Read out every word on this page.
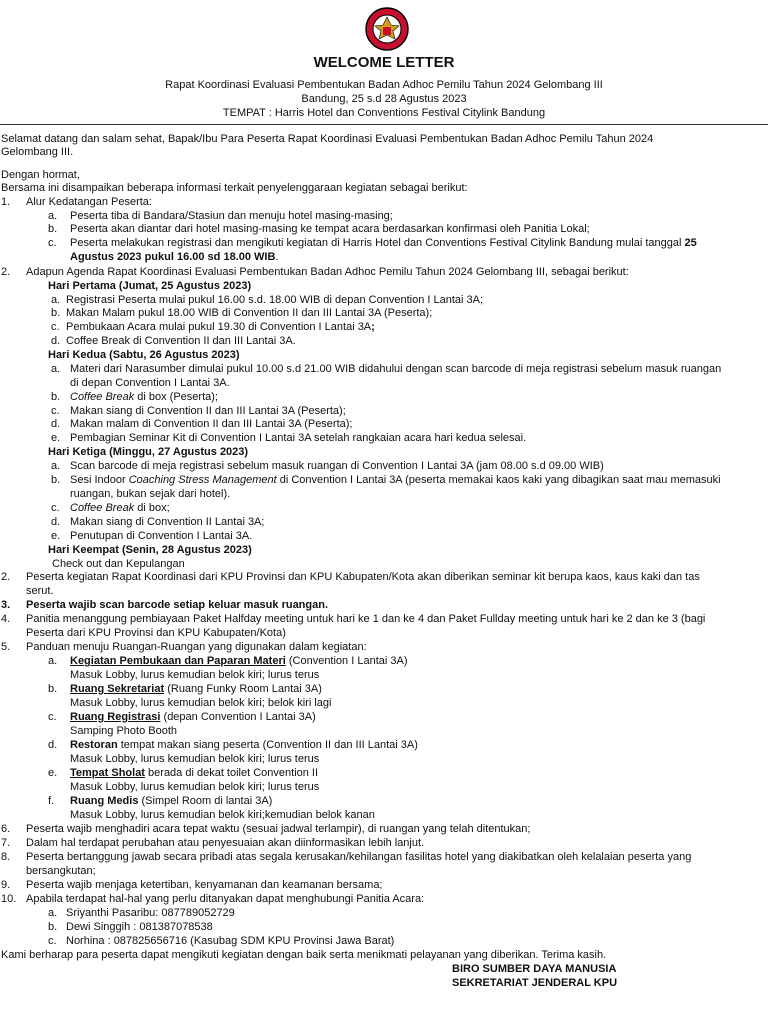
WELCOME LETTER
Rapat Koordinasi Evaluasi Pembentukan Badan Adhoc Pemilu Tahun 2024 Gelombang III
Bandung, 25 s.d 28 Agustus 2023
TEMPAT : Harris Hotel dan Conventions Festival Citylink Bandung
Selamat datang dan salam sehat, Bapak/Ibu Para Peserta Rapat Koordinasi Evaluasi Pembentukan Badan Adhoc Pemilu Tahun 2024
Gelombang III.
Dengan hormat,
Bersama ini disampaikan beberapa informasi terkait penyelenggaraan kegiatan sebagai berikut:
1. Alur Kedatangan Peserta:
a. Peserta tiba di Bandara/Stasiun dan menuju hotel masing-masing;
b. Peserta akan diantar dari hotel masing-masing ke tempat acara berdasarkan konfirmasi oleh Panitia Lokal;
c. Peserta melakukan registrasi dan mengikuti kegiatan di Harris Hotel dan Conventions Festival Citylink Bandung mulai tanggal 25
Agustus 2023 pukul 16.00 sd 18.00 WIB.
2. Adapun Agenda Rapat Koordinasi Evaluasi Pembentukan Badan Adhoc Pemilu Tahun 2024 Gelombang III, sebagai berikut:
Hari Pertama (Jumat, 25 Agustus 2023)
a. Registrasi Peserta mulai pukul 16.00 s.d. 18.00 WIB di depan Convention I Lantai 3A;
b. Makan Malam pukul 18.00 WIB di Convention II dan III Lantai 3A (Peserta);
c. Pembukaan Acara mulai pukul 19.30 di Convention I Lantai 3A;
d. Coffee Break di Convention II dan III Lantai 3A.
Hari Kedua (Sabtu, 26 Agustus 2023)
a. Materi dari Narasumber dimulai pukul 10.00 s.d 21.00 WIB didahului dengan scan barcode di meja registrasi sebelum masuk ruangan
di depan Convention I Lantai 3A.
b. Coffee Break di box (Peserta);
c. Makan siang di Convention II dan III Lantai 3A (Peserta);
d. Makan malam di Convention II dan III Lantai 3A (Peserta);
e. Pembagian Seminar Kit di Convention I Lantai 3A setelah rangkaian acara hari kedua selesai.
Hari Ketiga (Minggu, 27 Agustus 2023)
a. Scan barcode di meja registrasi sebelum masuk ruangan di Convention I Lantai 3A (jam 08.00 s.d 09.00 WIB)
b. Sesi Indoor Coaching Stress Management di Convention I Lantai 3A (peserta memakai kaos kaki yang dibagikan saat mau memasuki
ruangan, bukan sejak dari hotel).
c. Coffee Break di box;
d. Makan siang di Convention II Lantai 3A;
e. Penutupan di Convention I Lantai 3A.
Hari Keempat (Senin, 28 Agustus 2023)
Check out dan Kepulangan
2. Peserta kegiatan Rapat Koordinasi dari KPU Provinsi dan KPU Kabupaten/Kota akan diberikan seminar kit berupa kaos, kaus kaki dan tas
serut.
3. Peserta wajib scan barcode setiap keluar masuk ruangan.
4. Panitia menanggung pembiayaan Paket Halfday meeting untuk hari ke 1 dan ke 4 dan Paket Fullday meeting untuk hari ke 2 dan ke 3 (bagi
Peserta dari KPU Provinsi dan KPU Kabupaten/Kota)
5. Panduan menuju Ruangan-Ruangan yang digunakan dalam kegiatan:
a. Kegiatan Pembukaan dan Paparan Materi (Convention I Lantai 3A)
Masuk Lobby, lurus kemudian belok kiri; lurus terus
b. Ruang Sekretariat (Ruang Funky Room Lantai 3A)
Masuk Lobby, lurus kemudian belok kiri; belok kiri lagi
c. Ruang Registrasi (depan Convention I Lantai 3A)
Samping Photo Booth
d. Restoran tempat makan siang peserta (Convention II dan III Lantai 3A)
Masuk Lobby, lurus kemudian belok kiri; lurus terus
e. Tempat Sholat berada di dekat toilet Convention II
Masuk Lobby, lurus kemudian belok kiri; lurus terus
f. Ruang Medis (Simpel Room di lantai 3A)
Masuk Lobby, lurus kemudian belok kiri;kemudian belok kanan
6. Peserta wajib menghadiri acara tepat waktu (sesuai jadwal terlampir), di ruangan yang telah ditentukan;
7. Dalam hal terdapat perubahan atau penyesuaian akan diinformasikan lebih lanjut.
8. Peserta bertanggung jawab secara pribadi atas segala kerusakan/kehilangan fasilitas hotel yang diakibatkan oleh kelalaian peserta yang
bersangkutan;
9. Peserta wajib menjaga ketertiban, kenyamanan dan keamanan bersama;
10. Apabila terdapat hal-hal yang perlu ditanyakan dapat menghubungi Panitia Acara:
a. Sriyanthi Pasaribu: 087789052729
b. Dewi Singgih : 081387078538
c. Norhina : 087825656716 (Kasubag SDM KPU Provinsi Jawa Barat)
Kami berharap para peserta dapat mengikuti kegiatan dengan baik serta menikmati pelayanan yang diberikan. Terima kasih.
BIRO SUMBER DAYA MANUSIA
SEKRETARIAT JENDERAL KPU
